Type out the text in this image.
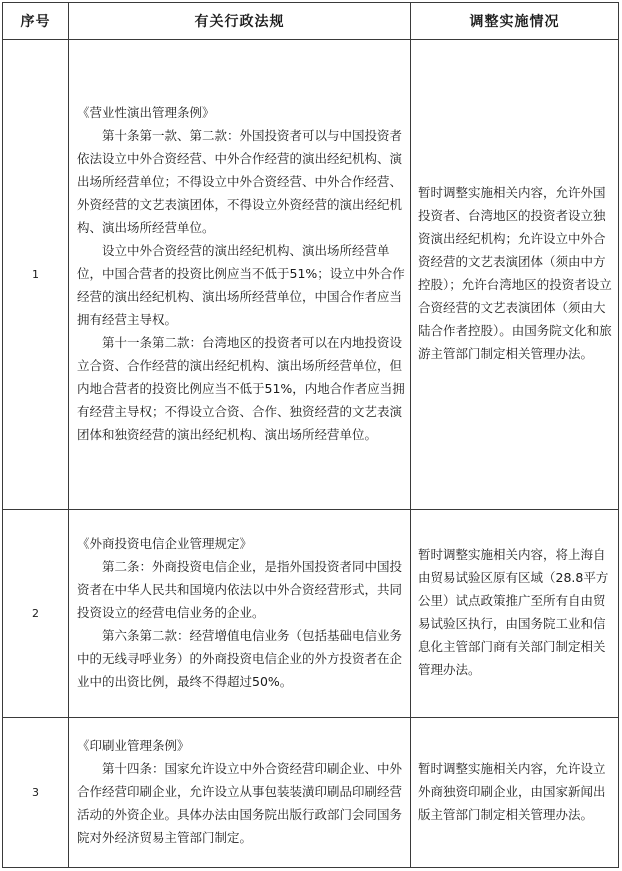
序号	有关行政法规	调整实施情况
1	《营业性演出管理条例》

第十条第一款、第二款：外国投资者可以与中国投资者依法设立中外合资经营、中外合作经营的演出经纪机构、演出场所经营单位；不得设立中外合资经营、中外合作经营、外资经营的文艺表演团体，不得设立外资经营的演出经纪机构、演出场所经营单位。

设立中外合资经营的演出经纪机构、演出场所经营单位，中国合营者的投资比例应当不低于51%；设立中外合作经营的演出经纪机构、演出场所经营单位，中国合作者应当拥有经营主导权。

第十一条第二款：台湾地区的投资者可以在内地投资设立合资、合作经营的演出经纪机构、演出场所经营单位，但内地合营者的投资比例应当不低于51%，内地合作者应当拥有经营主导权；不得设立合资、合作、独资经营的文艺表演团体和独资经营的演出经纪机构、演出场所经营单位。	暂时调整实施相关内容，允许外国投资者、台湾地区的投资者设立独资演出经纪机构；允许设立中外合资经营的文艺表演团体（须由中方控股）；允许台湾地区的投资者设立合资经营的文艺表演团体（须由大陆合作者控股）。由国务院文化和旅游主管部门制定相关管理办法。

2	《外商投资电信企业管理规定》

第二条：外商投资电信企业，是指外国投资者同中国投资者在中华人民共和国境内依法以中外合资经营形式，共同投资设立的经营电信业务的企业。

第六条第二款：经营增值电信业务（包括基础电信业务中的无线寻呼业务）的外商投资电信企业的外方投资者在企业中的出资比例，最终不得超过50%。	暂时调整实施相关内容，将上海自由贸易试验区原有区域（28.8平方公里）试点政策推广至所有自由贸易试验区执行，由国务院工业和信息化主管部门商有关部门制定相关管理办法。

3	《印刷业管理条例》

第十四条：国家允许设立中外合资经营印刷企业、中外合作经营印刷企业，允许设立从事包装装潢印刷品印刷经营活动的外资企业。具体办法由国务院出版行政部门会同国务院对外经济贸易主管部门制定。	暂时调整实施相关内容，允许设立外商独资印刷企业，由国家新闻出版主管部门制定相关管理办法。
